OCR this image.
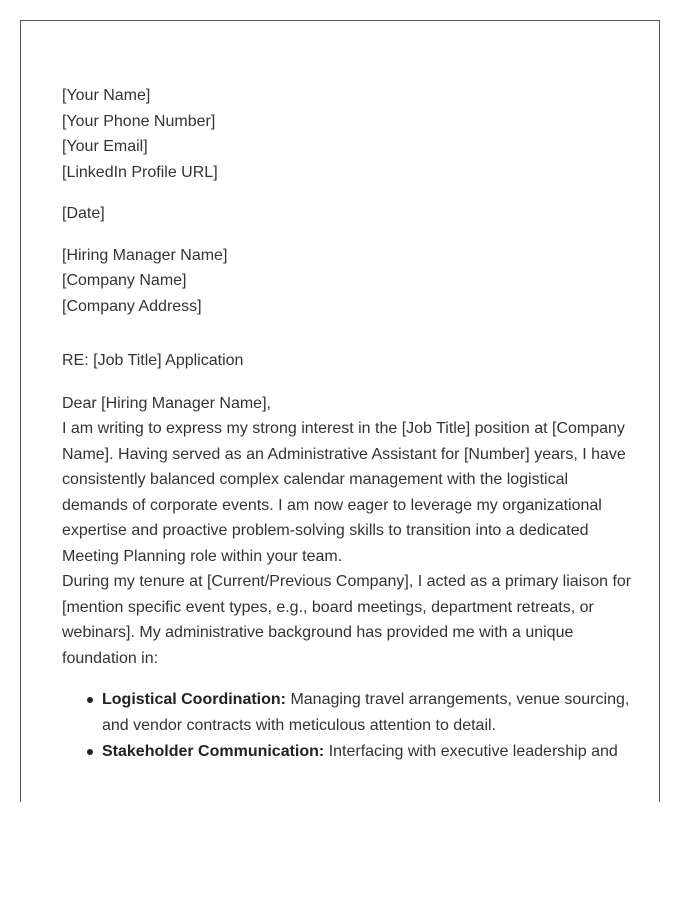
[Your Name]

[Your Phone Number]

[Your Email]

[LinkedIn Profile URL]

[Date]

[Hiring Manager Name]

[Company Name]

[Company Address]

RE: [Job Title] Application

Dear [Hiring Manager Name],

I am writing to express my strong interest in the [Job Title] position at [Company Name]. Having served as an Administrative Assistant for [Number] years, I have consistently balanced complex calendar management with the logistical demands of corporate events. I am now eager to leverage my organizational expertise and proactive problem-solving skills to transition into a dedicated Meeting Planning role within your team.

During my tenure at [Current/Previous Company], I acted as a primary liaison for [mention specific event types, e.g., board meetings, department retreats, or webinars]. My administrative background has provided me with a unique foundation in:

Logistical Coordination: Managing travel arrangements, venue sourcing, and vendor contracts with meticulous attention to detail.
Stakeholder Communication: Interfacing with executive leadership and
